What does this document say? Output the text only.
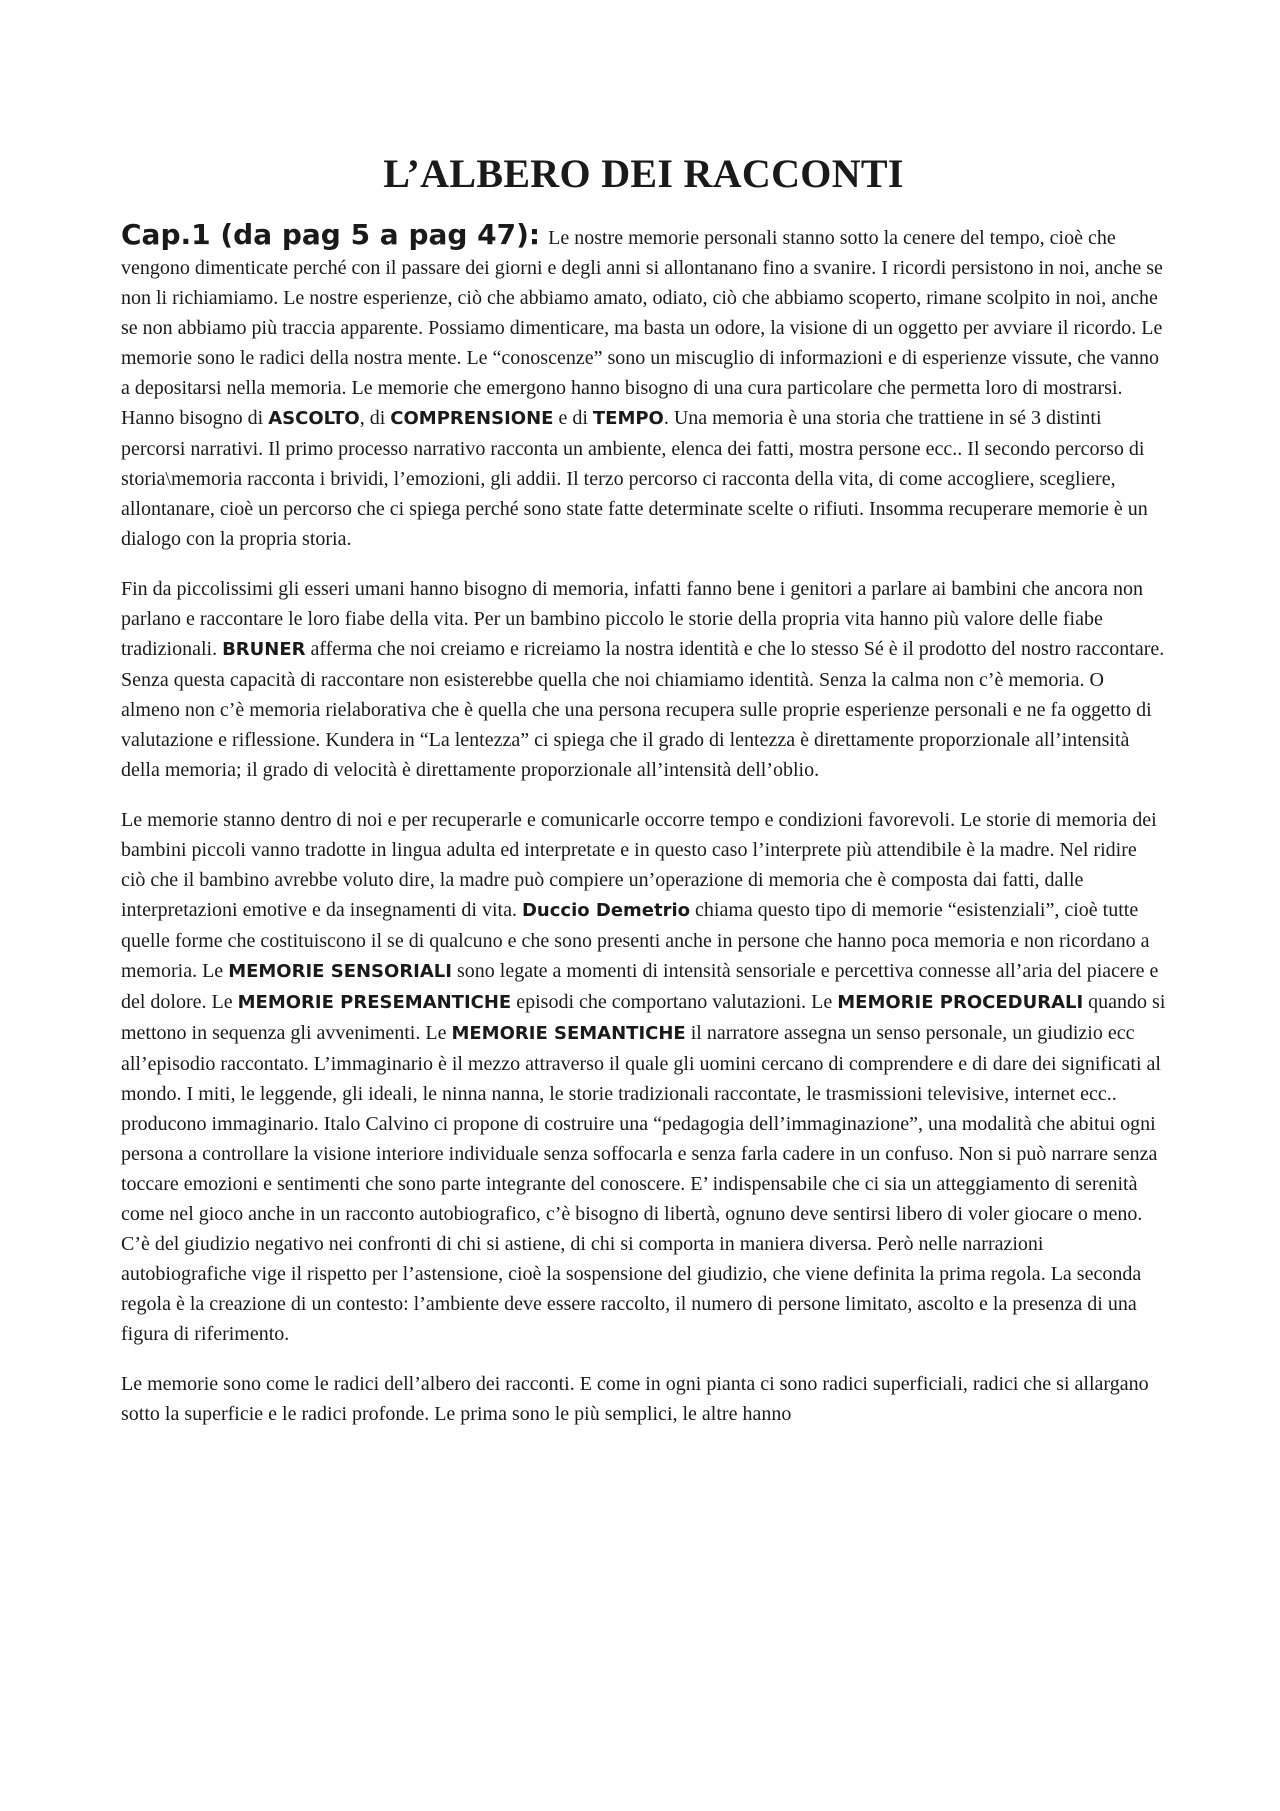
L’ALBERO DEI RACCONTI

Cap.1 (da pag 5 a pag 47): Le nostre memorie personali stanno sotto la cenere del tempo, cioè che vengono dimenticate perché con il passare dei giorni e degli anni si allontanano fino a svanire. I ricordi persistono in noi, anche se non li richiamiamo. Le nostre esperienze, ciò che abbiamo amato, odiato, ciò che abbiamo scoperto, rimane scolpito in noi, anche se non abbiamo più traccia apparente. Possiamo dimenticare, ma basta un odore, la visione di un oggetto per avviare il ricordo. Le memorie sono le radici della nostra mente. Le “conoscenze” sono un miscuglio di informazioni e di esperienze vissute, che vanno a depositarsi nella memoria. Le memorie che emergono hanno bisogno di una cura particolare che permetta loro di mostrarsi. Hanno bisogno di ASCOLTO, di COMPRENSIONE e di TEMPO. Una memoria è una storia che trattiene in sé 3 distinti percorsi narrativi. Il primo processo narrativo racconta un ambiente, elenca dei fatti, mostra persone ecc.. Il secondo percorso di storia\memoria racconta i brividi, l’emozioni, gli addii. Il terzo percorso ci racconta della vita, di come accogliere, scegliere, allontanare, cioè un percorso che ci spiega perché sono state fatte determinate scelte o rifiuti. Insomma recuperare memorie è un dialogo con la propria storia.

Fin da piccolissimi gli esseri umani hanno bisogno di memoria, infatti fanno bene i genitori a parlare ai bambini che ancora non parlano e raccontare le loro fiabe della vita. Per un bambino piccolo le storie della propria vita hanno più valore delle fiabe tradizionali. BRUNER afferma che noi creiamo e ricreiamo la nostra identità e che lo stesso Sé è il prodotto del nostro raccontare. Senza questa capacità di raccontare non esisterebbe quella che noi chiamiamo identità. Senza la calma non c’è memoria. O almeno non c’è memoria rielaborativa che è quella che una persona recupera sulle proprie esperienze personali e ne fa oggetto di valutazione e riflessione. Kundera in “La lentezza” ci spiega che il grado di lentezza è direttamente proporzionale all’intensità della memoria; il grado di velocità è direttamente proporzionale all’intensità dell’oblio.

Le memorie stanno dentro di noi e per recuperarle e comunicarle occorre tempo e condizioni favorevoli. Le storie di memoria dei bambini piccoli vanno tradotte in lingua adulta ed interpretate e in questo caso l’interprete più attendibile è la madre. Nel ridire ciò che il bambino avrebbe voluto dire, la madre può compiere un’operazione di memoria che è composta dai fatti, dalle interpretazioni emotive e da insegnamenti di vita. Duccio Demetrio chiama questo tipo di memorie “esistenziali”, cioè tutte quelle forme che costituiscono il se di qualcuno e che sono presenti anche in persone che hanno poca memoria e non ricordano a memoria. Le MEMORIE SENSORIALI sono legate a momenti di intensità sensoriale e percettiva connesse all’aria del piacere e del dolore. Le MEMORIE PRESEMANTICHE episodi che comportano valutazioni. Le MEMORIE PROCEDURALI quando si mettono in sequenza gli avvenimenti. Le MEMORIE SEMANTICHE il narratore assegna un senso personale, un giudizio ecc all’episodio raccontato. L’immaginario è il mezzo attraverso il quale gli uomini cercano di comprendere e di dare dei significati al mondo. I miti, le leggende, gli ideali, le ninna nanna, le storie tradizionali raccontate, le trasmissioni televisive, internet ecc.. producono immaginario. Italo Calvino ci propone di costruire una “pedagogia dell’immaginazione”, una modalità che abitui ogni persona a controllare la visione interiore individuale senza soffocarla e senza farla cadere in un confuso. Non si può narrare senza toccare emozioni e sentimenti che sono parte integrante del conoscere. E’ indispensabile che ci sia un atteggiamento di serenità come nel gioco anche in un racconto autobiografico, c’è bisogno di libertà, ognuno deve sentirsi libero di voler giocare o meno. C’è del giudizio negativo nei confronti di chi si astiene, di chi si comporta in maniera diversa. Però nelle narrazioni autobiografiche vige il rispetto per l’astensione, cioè la sospensione del giudizio, che viene definita la prima regola. La seconda regola è la creazione di un contesto: l’ambiente deve essere raccolto, il numero di persone limitato, ascolto e la presenza di una figura di riferimento.

Le memorie sono come le radici dell’albero dei racconti. E come in ogni pianta ci sono radici superficiali, radici che si allargano sotto la superficie e le radici profonde. Le prima sono le più semplici, le altre hanno
